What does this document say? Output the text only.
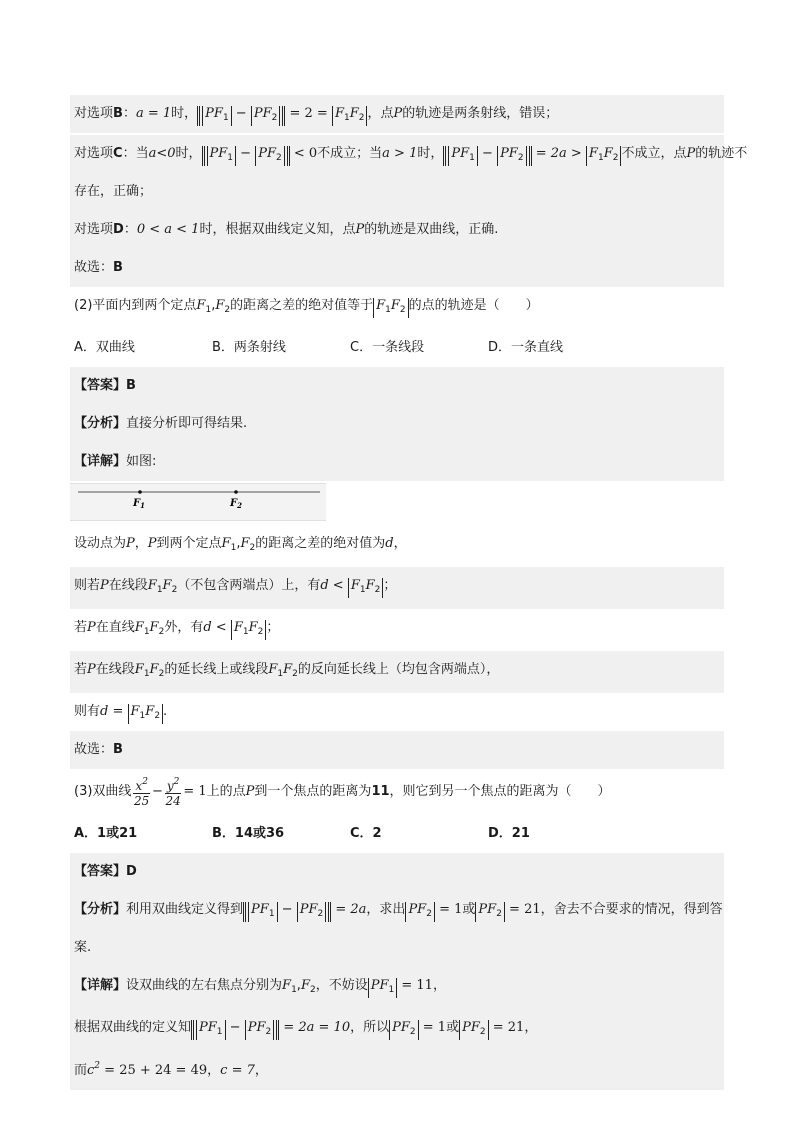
对选项B：a = 1时， $PF_1 - PF_2 = 2 = F_1F_2$ ，点P的轨迹是两条射线，错误；
对选项C：当a<0时， $PF_1 - PF_2 < 0$不成立；当a > 1时， $PF_1 - PF_2 = 2a > F_1F_2$ 不成立，点P的轨迹不
存在，正确；
对选项D：0 < a < 1时，根据双曲线定义知，点P的轨迹是双曲线，正确.
故选：B
(2)平面内到两个定点$F_1,F_2$的距离之差的绝对值等于 $F_1F_2$ 的点的轨迹是（　　）
A．双曲线	B．两条射线	C．一条线段	D．一条直线
【答案】B
【分析】直接分析即可得结果.
【详解】如图:
$F_1$	$F_2$
设动点为P，P到两个定点$F_1,F_2$的距离之差的绝对值为d，
则若P在线段$F_1F_2$（不包含两端点）上，有$d < F_1F_2$ ；
若P在直线$F_1F_2$外，有$d < F_1F_2$ ；
若P在线段$F_1F_2$的延长线上或线段$F_1F_2$的反向延长线上（均包含两端点），
则有$d = F_1F_2$ .
故选：B
(3)双曲线 $\frac{x^2}{25} - \frac{y^2}{24} = 1$上的点P到一个焦点的距离为11，则它到另一个焦点的距离为（　　）
A．1或21	B．14或36	C．2	D．21
【答案】D
【分析】利用双曲线定义得到 $PF_1 - PF_2 = 2a$，求出 $PF_2 = 1$或 $PF_2 = 21$，舍去不合要求的情况，得到答
案.
【详解】设双曲线的左右焦点分别为$F_1,F_2$，不妨设 $PF_1 = 11$，
根据双曲线的定义知 $PF_1 - PF_2 = 2a = 10$，所以 $PF_2 = 1$或 $PF_2 = 21$，
而$c^2 = 25 + 24 = 49$，c = 7，
